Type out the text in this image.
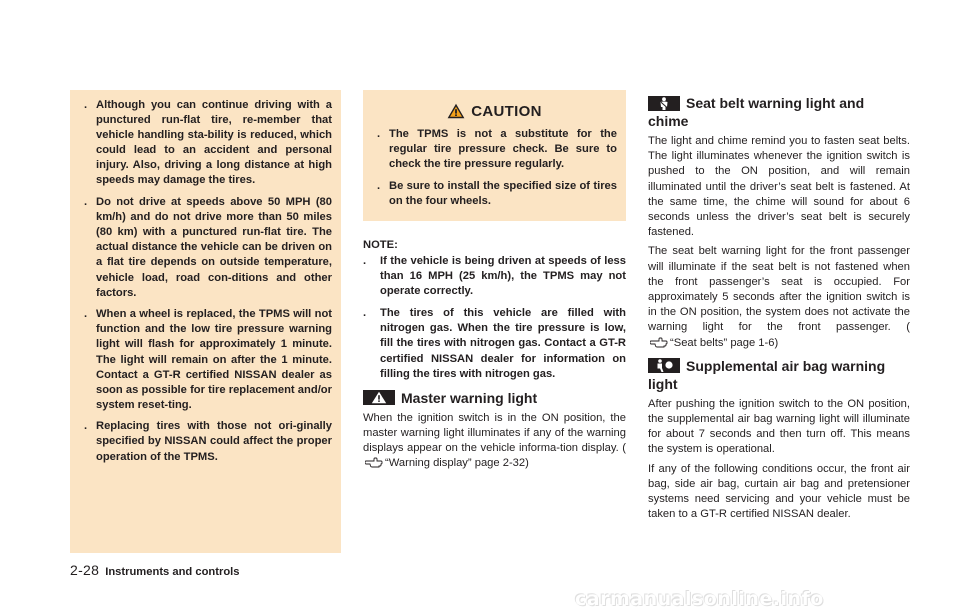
. Although you can continue driving with a punctured run-flat tire, re-member that vehicle handling sta-bility is reduced, which could lead to an accident and personal injury. Also, driving a long distance at high speeds may damage the tires.
. Do not drive at speeds above 50 MPH (80 km/h) and do not drive more than 50 miles (80 km) with a punctured run-flat tire. The actual distance the vehicle can be driven on a flat tire depends on outside temperature, vehicle load, road con-ditions and other factors.
. When a wheel is replaced, the TPMS will not function and the low tire pressure warning light will flash for approximately 1 minute. The light will remain on after the 1 minute. Contact a GT-R certified NISSAN dealer as soon as possible for tire replacement and/or system reset-ting.
. Replacing tires with those not ori-ginally specified by NISSAN could affect the proper operation of the TPMS.
CAUTION
. The TPMS is not a substitute for the regular tire pressure check. Be sure to check the tire pressure regularly.
. Be sure to install the specified size of tires on the four wheels.
NOTE:
.	If the vehicle is being driven at speeds of less than 16 MPH (25 km/h), the TPMS may not operate correctly.
.	The tires of this vehicle are filled with nitrogen gas. When the tire pressure is low, fill the tires with nitrogen gas. Contact a GT-R certified NISSAN dealer for information on filling the tires with nitrogen gas.
Master warning light

When the ignition switch is in the ON position, the master warning light illuminates if any of the warning displays appear on the vehicle informa-tion display. (“Warning display” page 2-32)

Seat belt warning light and
chime

The light and chime remind you to fasten seat belts. The light illuminates whenever the ignition switch is pushed to the ON position, and will remain illuminated until the driver’s seat belt is fastened. At the same time, the chime will sound for about 6 seconds unless the driver’s seat belt is securely fastened.

The seat belt warning light for the front passenger will illuminate if the seat belt is not fastened when the front passenger’s seat is occupied. For approximately 5 seconds after the ignition switch is in the ON position, the system does not activate the warning light for the front passenger. (“Seat belts” page 1-6)

Supplemental air bag warning
light

After pushing the ignition switch to the ON position, the supplemental air bag warning light will illuminate for about 7 seconds and then turn off. This means the system is operational.

If any of the following conditions occur, the front air bag, side air bag, curtain air bag and pretensioner systems need servicing and your vehicle must be taken to a GT-R certified NISSAN dealer.

2-28 Instruments and controls
carmanualsonline.info
